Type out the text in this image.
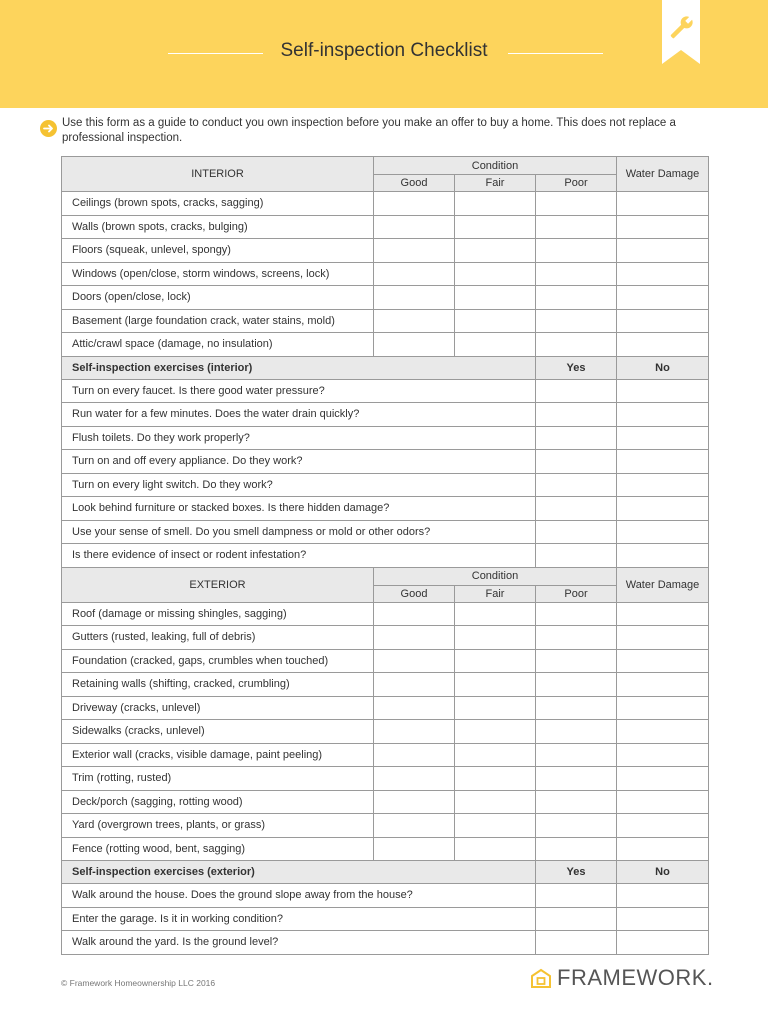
Self-inspection Checklist

Use this form as a guide to conduct you own inspection before you make an offer to buy a home. This does not replace a professional inspection.

INTERIOR	Condition			Water Damage
	Good	Fair	Poor	
Ceilings (brown spots, cracks, sagging)				
Walls (brown spots, cracks, bulging)				
Floors (squeak, unlevel, spongy)				
Windows (open/close, storm windows, screens, lock)				
Doors (open/close, lock)				
Basement (large foundation crack, water stains, mold)				
Attic/crawl space (damage, no insulation)				
Self-inspection exercises (interior)			Yes	No
Turn on every faucet. Is there good water pressure?				
Run water for a few minutes. Does the water drain quickly?				
Flush toilets. Do they work properly?				
Turn on and off every appliance. Do they work?				
Turn on every light switch. Do they work?				
Look behind furniture or stacked boxes. Is there hidden damage?				
Use your sense of smell. Do you smell dampness or mold or other odors?				
Is there evidence of insect or rodent infestation?				
EXTERIOR	Condition			Water Damage
	Good	Fair	Poor	
Roof (damage or missing shingles, sagging)				
Gutters (rusted, leaking, full of debris)				
Foundation (cracked, gaps, crumbles when touched)				
Retaining walls (shifting, cracked, crumbling)				
Driveway (cracks, unlevel)				
Sidewalks (cracks, unlevel)				
Exterior wall (cracks, visible damage, paint peeling)				
Trim (rotting, rusted)				
Deck/porch (sagging, rotting wood)				
Yard (overgrown trees, plants, or grass)				
Fence (rotting wood, bent, sagging)				
Self-inspection exercises (exterior)			Yes	No
Walk around the house. Does the ground slope away from the house?				
Enter the garage. Is it in working condition?				
Walk around the yard. Is the ground level?				
© Framework Homeownership LLC 2016	FRAMEWORK.
